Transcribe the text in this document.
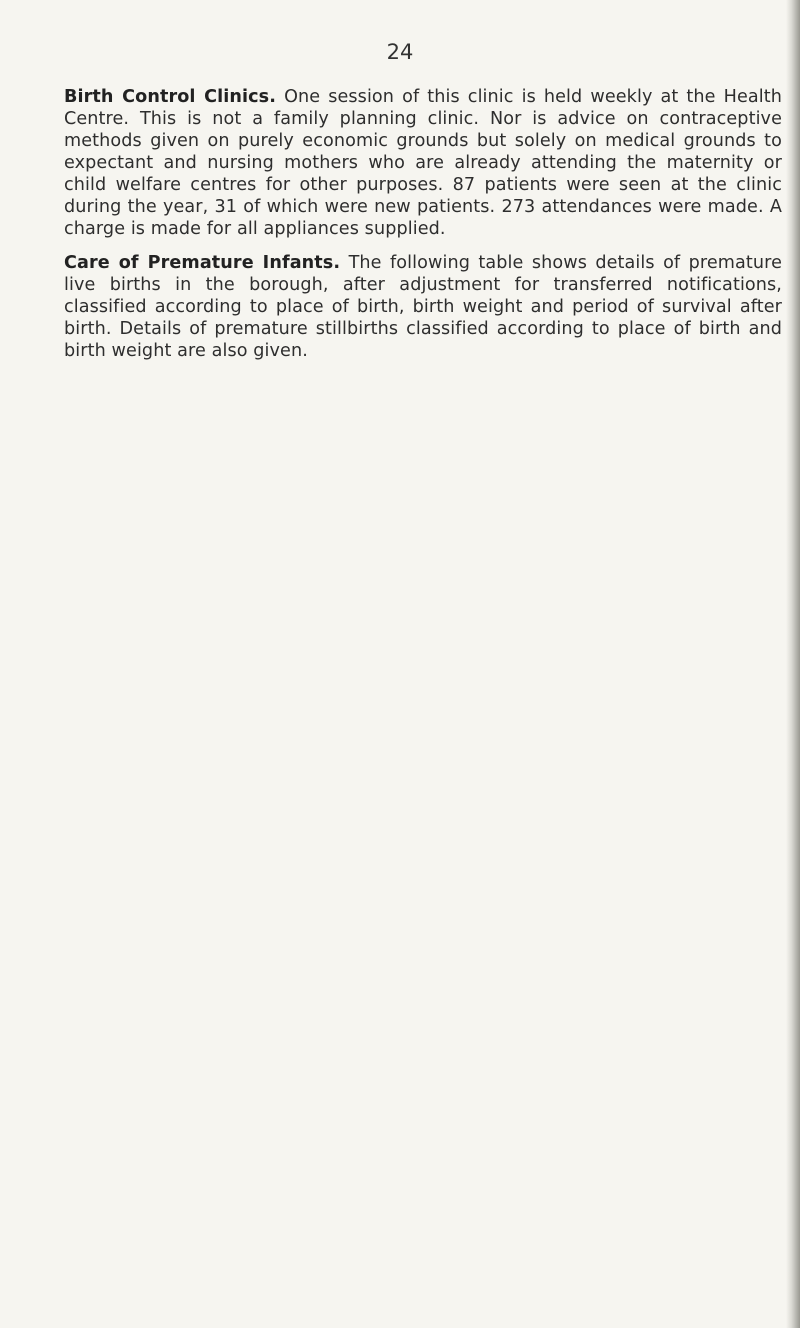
24

Birth Control Clinics. One session of this clinic is held weekly at the Health Centre. This is not a family planning clinic. Nor is advice on contraceptive methods given on purely economic grounds but solely on medical grounds to expectant and nursing mothers who are already attending the maternity or child welfare centres for other purposes. 87 patients were seen at the clinic during the year, 31 of which were new patients. 273 attendances were made. A charge is made for all appliances supplied.

Care of Premature Infants. The following table shows details of premature live births in the borough, after adjustment for transferred notifications, classified according to place of birth, birth weight and period of survival after birth. Details of premature stillbirths classified according to place of birth and birth weight are also given.
